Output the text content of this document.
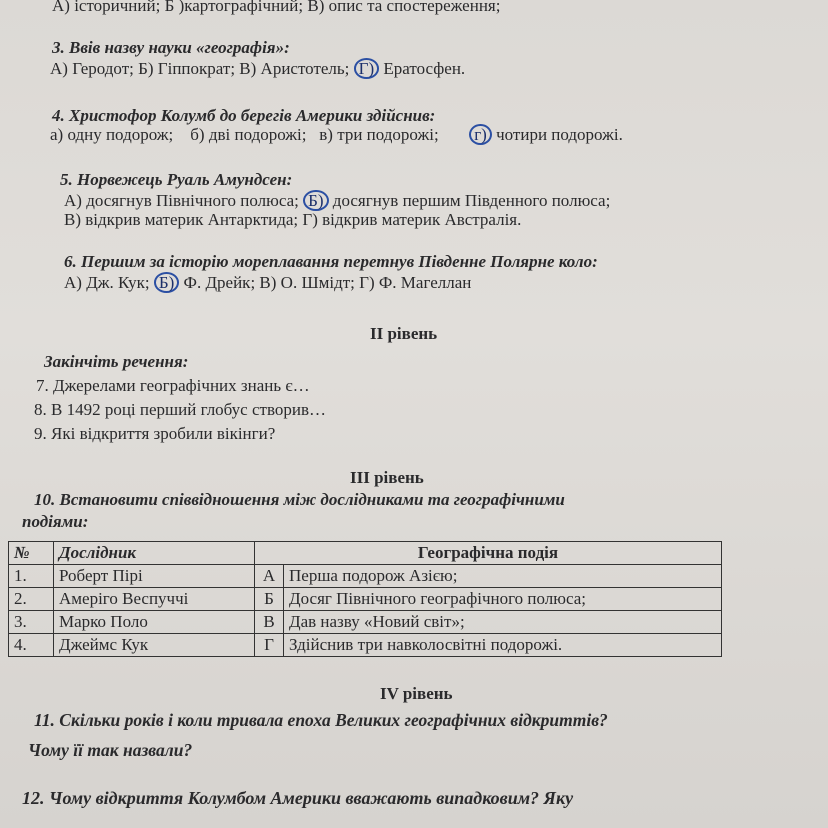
А) історичний; Б )картографічний; В) опис та спостереження;
3. Ввів назву науки «географія»:
А) Геродот; Б) Гіппократ; В) Аристотель; Г) Ератосфен.
4. Христофор Колумб до берегів Америки здійснив:
а) одну подорож;    б) дві подорожі;   в) три подорожі; г) чотири подорожі.
5. Норвежець Руаль Амундсен:
А) досягнув Північного полюса; Б) досягнув першим Південного полюса;
В) відкрив материк Антарктида; Г) відкрив материк Австралія.
6. Першим за історію мореплавання перетнув Південне Полярне коло:
А) Дж. Кук; Б) Ф. Дрейк; В) О. Шмідт; Г) Ф. Магеллан
ІІ рівень
Закінчіть речення:
7. Джерелами географічних знань є…
8. В 1492 році перший глобус створив…
9. Які відкриття зробили вікінги?
ІІІ рівень
10. Встановити співвідношення між дослідниками та географічними
подіями:
№	Дослідник	Географічна подія	
1.	Роберт Пірі	А	Перша подорож Азією;
2.	Амеріго Веспуччі	Б	Досяг Північного географічного полюса;
3.	Марко Поло	В	Дав назву «Новий світ»;
4.	Джеймс Кук	Г	Здійснив три навколосвітні подорожі.
IV рівень
11. Скільки років і коли тривала епоха Великих географічних відкриттів?
Чому її так назвали?
12. Чому відкриття Колумбом Америки вважають випадковим? Яку
